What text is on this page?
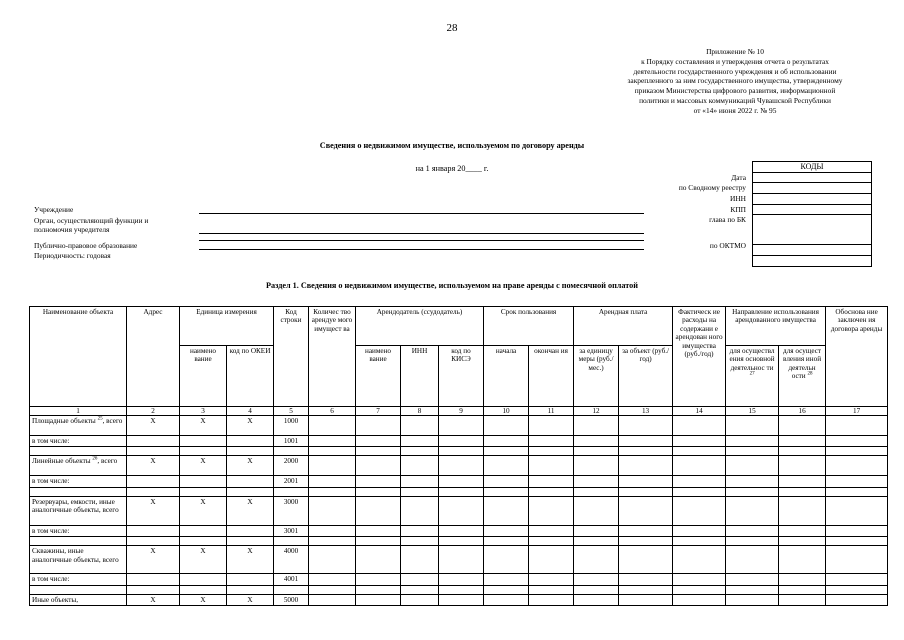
28
Приложение № 10
к Порядку составления и утверждения отчета о результатах
деятельности государственного учреждения и об использовании
закрепленного за ним государственного имущества, утвержденному
приказом Министерства цифрового развития, информационной
политики и массовых коммуникаций Чувашской Республики
от «14» июня 2022 г. № 95
Сведения о недвижимом имуществе, используемом по договору аренды
на 1 января 20____ г.	КОДЫ

Дата
по Сводному реестру
ИНН
КПП
глава по БК
по ОКТМО
Учреждение
Орган, осуществляющий функции и
полномочия учредителя
Публично-правовое образование
Периодичность: годовая
Раздел 1. Сведения о недвижимом имуществе, используемом на праве аренды с помесячной оплатой
Наименование объекта	Адрес	Единица измерения		Код строки	Количес тво арендуе мого имущест ва	Арендодатель (ссудодатель)			Срок пользования		Арендная плата		Фактическ ие расходы на содержани е арендован ного имущества (руб./год)	Направление использования арендованного имущества		Обоснова ние заключен ия договора аренды
		наимено вание	код по ОКЕИ			наимено вание	ИНН	код по КИСЭ	начала	окончан ия	за единицу меры (руб./ мес.)	за объект (руб./год)		для осуществл ения основной деятельнос ти $^{27}$	для осущест вления иной деятельн ости $^{28}$
1	2	3	4	5	6	7	8	9	10	11	12	13	14	15	16	17
Площадные объекты $^{25}$, всего	X	X	X	1000												
в том числе:				1001												

Линейные объекты $^{26}$, всего	X	X	X	2000												
в том числе:				2001												

Резервуары, емкости, иные аналогичные объекты, всего	X	X	X	3000												
в том числе:				3001												

Скважины, иные аналогичные объекты, всего	X	X	X	4000												
в том числе:				4001												

Иные объекты,	X	X	X	5000												
